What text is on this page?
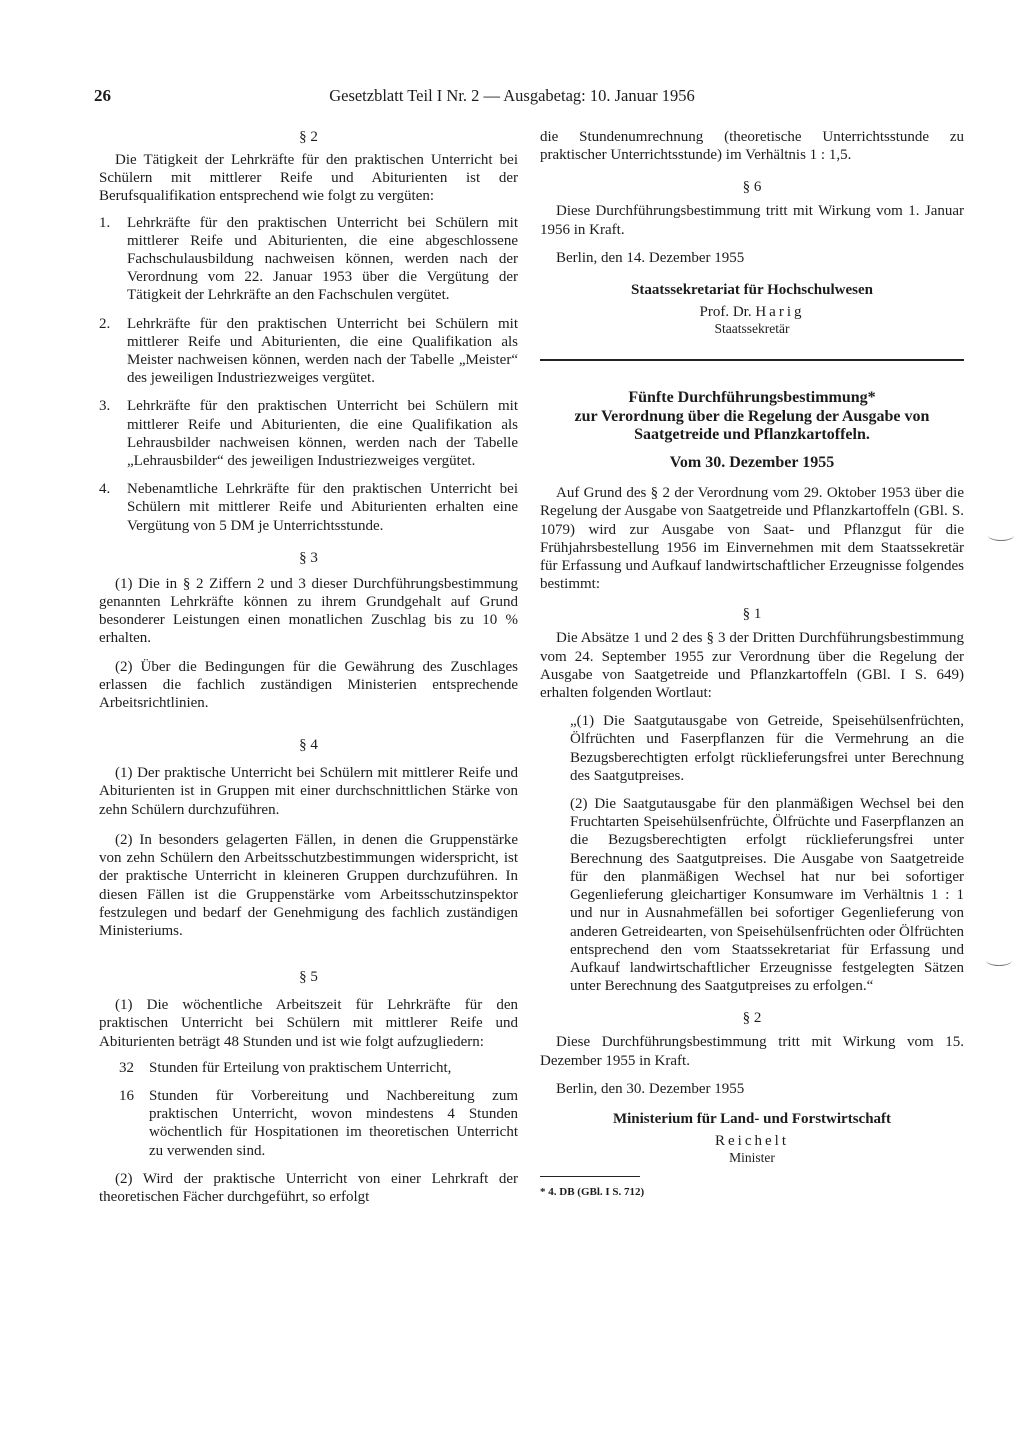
26	Gesetzblatt Teil I Nr. 2 — Ausgabetag: 10. Januar 1956
§ 2

Die Tätigkeit der Lehrkräfte für den praktischen Unterricht bei Schülern mit mittlerer Reife und Abiturienten ist der Berufsqualifikation entsprechend wie folgt zu vergüten:

1.	Lehrkräfte für den praktischen Unterricht bei Schülern mit mittlerer Reife und Abiturienten, die eine abgeschlossene Fachschulausbildung nachweisen können, werden nach der Verordnung vom 22. Januar 1953 über die Vergütung der Tätigkeit der Lehrkräfte an den Fachschulen vergütet.
2.	Lehrkräfte für den praktischen Unterricht bei Schülern mit mittlerer Reife und Abiturienten, die eine Qualifikation als Meister nachweisen können, werden nach der Tabelle „Meister“ des jeweiligen Industriezweiges vergütet.
3.	Lehrkräfte für den praktischen Unterricht bei Schülern mit mittlerer Reife und Abiturienten, die eine Qualifikation als Lehrausbilder nachweisen können, werden nach der Tabelle „Lehrausbilder“ des jeweiligen Industriezweiges vergütet.
4.	Nebenamtliche Lehrkräfte für den praktischen Unterricht bei Schülern mit mittlerer Reife und Abiturienten erhalten eine Vergütung von 5 DM je Unterrichtsstunde.
§ 3

(1) Die in § 2 Ziffern 2 und 3 dieser Durchführungsbestimmung genannten Lehrkräfte können zu ihrem Grundgehalt auf Grund besonderer Leistungen einen monatlichen Zuschlag bis zu 10 % erhalten.

(2) Über die Bedingungen für die Gewährung des Zuschlages erlassen die fachlich zuständigen Ministerien entsprechende Arbeitsrichtlinien.

§ 4

(1) Der praktische Unterricht bei Schülern mit mittlerer Reife und Abiturienten ist in Gruppen mit einer durchschnittlichen Stärke von zehn Schülern durchzuführen.

(2) In besonders gelagerten Fällen, in denen die Gruppenstärke von zehn Schülern den Arbeitsschutzbestimmungen widerspricht, ist der praktische Unterricht in kleineren Gruppen durchzuführen. In diesen Fällen ist die Gruppenstärke vom Arbeitsschutzinspektor festzulegen und bedarf der Genehmigung des fachlich zuständigen Ministeriums.

§ 5

(1) Die wöchentliche Arbeitszeit für Lehrkräfte für den praktischen Unterricht bei Schülern mit mittlerer Reife und Abiturienten beträgt 48 Stunden und ist wie folgt aufzugliedern:

32	Stunden für Erteilung von praktischem Unterricht,
16	Stunden für Vorbereitung und Nachbereitung zum praktischen Unterricht, wovon mindestens 4 Stunden wöchentlich für Hospitationen im theoretischen Unterricht zu verwenden sind.

(2) Wird der praktische Unterricht von einer Lehrkraft der theoretischen Fächer durchgeführt, so erfolgt

die Stundenumrechnung (theoretische Unterrichtsstunde zu praktischer Unterrichtsstunde) im Verhältnis 1 : 1,5.

§ 6

Diese Durchführungsbestimmung tritt mit Wirkung vom 1. Januar 1956 in Kraft.

Berlin, den 14. Dezember 1955

Staatssekretariat für Hochschulwesen
Prof. Dr. Harig
Staatssekretär
Fünfte Durchführungsbestimmung*
zur Verordnung über die Regelung der Ausgabe von
Saatgetreide und Pflanzkartoffeln.
Vom 30. Dezember 1955

Auf Grund des § 2 der Verordnung vom 29. Oktober 1953 über die Regelung der Ausgabe von Saatgetreide und Pflanzkartoffeln (GBl. S. 1079) wird zur Ausgabe von Saat- und Pflanzgut für die Frühjahrsbestellung 1956 im Einvernehmen mit dem Staatssekretär für Erfassung und Aufkauf landwirtschaftlicher Erzeugnisse folgendes bestimmt:

§ 1

Die Absätze 1 und 2 des § 3 der Dritten Durchführungsbestimmung vom 24. September 1955 zur Verordnung über die Regelung der Ausgabe von Saatgetreide und Pflanzkartoffeln (GBl. I S. 649) erhalten folgenden Wortlaut:

„(1) Die Saatgutausgabe von Getreide, Speisehülsenfrüchten, Ölfrüchten und Faserpflanzen für die Vermehrung an die Bezugsberechtigten erfolgt rücklieferungsfrei unter Berechnung des Saatgutpreises.

(2) Die Saatgutausgabe für den planmäßigen Wechsel bei den Fruchtarten Speisehülsenfrüchte, Ölfrüchte und Faserpflanzen an die Bezugsberechtigten erfolgt rücklieferungsfrei unter Berechnung des Saatgutpreises. Die Ausgabe von Saatgetreide für den planmäßigen Wechsel hat nur bei sofortiger Gegenlieferung gleichartiger Konsumware im Verhältnis 1 : 1 und nur in Ausnahmefällen bei sofortiger Gegenlieferung von anderen Getreidearten, von Speisehülsenfrüchten oder Ölfrüchten entsprechend den vom Staatssekretariat für Erfassung und Aufkauf landwirtschaftlicher Erzeugnisse festgelegten Sätzen unter Berechnung des Saatgutpreises zu erfolgen.“

§ 2

Diese Durchführungsbestimmung tritt mit Wirkung vom 15. Dezember 1955 in Kraft.

Berlin, den 30. Dezember 1955

Ministerium für Land- und Forstwirtschaft
Reichelt
Minister
* 4. DB (GBl. I S. 712)
